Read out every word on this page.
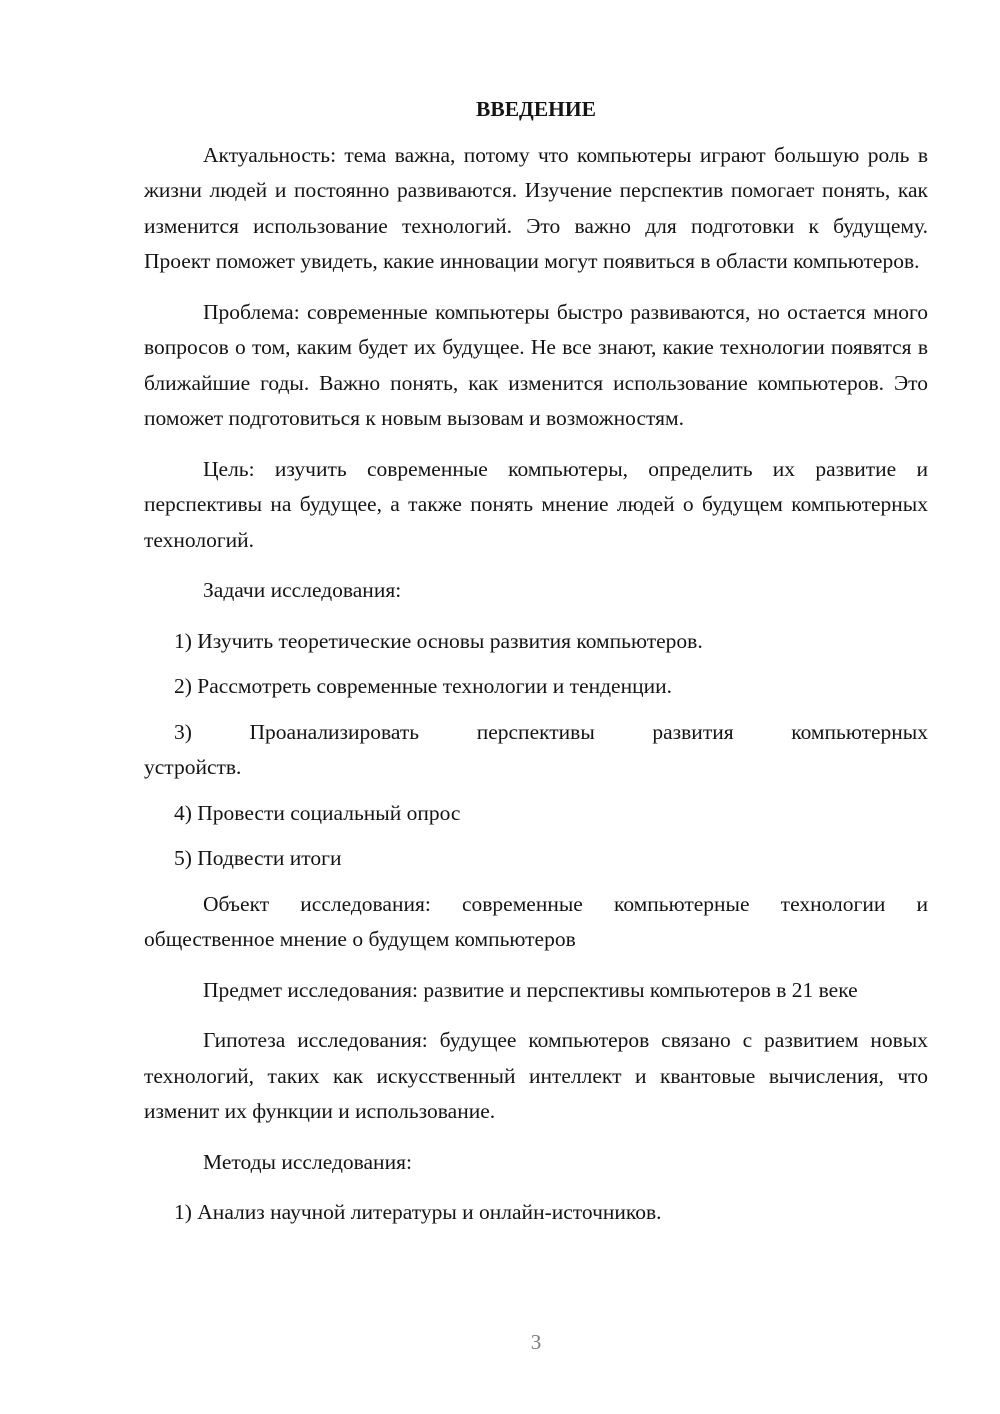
ВВЕДЕНИЕ

Актуальность: тема важна, потому что компьютеры играют большую роль в жизни людей и постоянно развиваются. Изучение перспектив помогает понять, как изменится использование технологий. Это важно для подготовки к будущему. Проект поможет увидеть, какие инновации могут появиться в области компьютеров.

Проблема: современные компьютеры быстро развиваются, но остается много вопросов о том, каким будет их будущее. Не все знают, какие технологии появятся в ближайшие годы. Важно понять, как изменится использование компьютеров. Это поможет подготовиться к новым вызовам и возможностям.

Цель: изучить современные компьютеры, определить их развитие и перспективы на будущее, а также понять мнение людей о будущем компьютерных технологий.

Задачи исследования:

1) Изучить теоретические основы развития компьютеров.

2) Рассмотреть современные технологии и тенденции.

3) Проанализировать перспективы развития компьютерных
устройств.

4) Провести социальный опрос

5) Подвести итоги

Объект исследования: современные компьютерные технологии и общественное мнение о будущем компьютеров

Предмет исследования: развитие и перспективы компьютеров в 21 веке

Гипотеза исследования: будущее компьютеров связано с развитием новых технологий, таких как искусственный интеллект и квантовые вычисления, что изменит их функции и использование.

Методы исследования:

1) Анализ научной литературы и онлайн-источников.

3
